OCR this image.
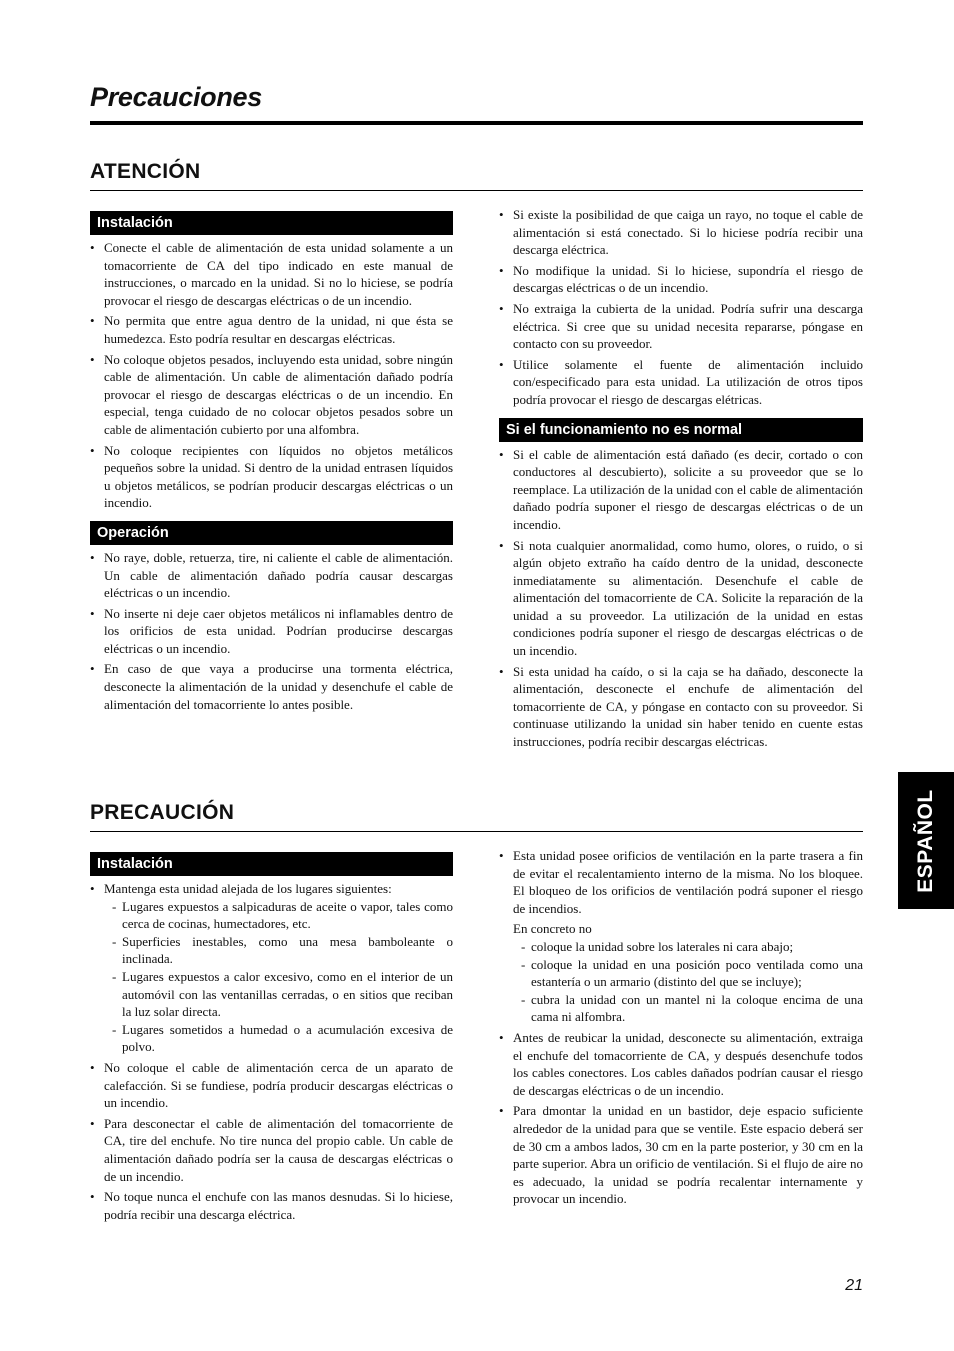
Precauciones
ATENCIÓN
Instalación
• Conecte el cable de alimentación de esta unidad solamente a un tomacorriente de CA del tipo indicado en este manual de instrucciones, o marcado en la unidad. Si no lo hiciese, se podría provocar el riesgo de descargas eléctricas o de un incendio.
• No permita que entre agua dentro de la unidad, ni que ésta se humedezca. Esto podría resultar en descargas eléctricas.
• No coloque objetos pesados, incluyendo esta unidad, sobre ningún cable de alimentación. Un cable de alimentación dañado podría provocar el riesgo de descargas eléctricas o de un incendio. En especial, tenga cuidado de no colocar objetos pesados sobre un cable de alimentación cubierto por una alfombra.
• No coloque recipientes con líquidos no objetos metálicos pequeños sobre la unidad. Si dentro de la unidad entrasen líquidos u objetos metálicos, se podrían producir descargas eléctricas o un incendio.
Operación
• No raye, doble, retuerza, tire, ni caliente el cable de alimentación. Un cable de alimentación dañado podría causar descargas eléctricas o un incendio.
• No inserte ni deje caer objetos metálicos ni inflamables dentro de los orificios de esta unidad. Podrían producirse descargas eléctricas o un incendio.
• En caso de que vaya a producirse una tormenta eléctrica, desconecte la alimentación de la unidad y desenchufe el cable de alimentación del tomacorriente lo antes posible.
• Si existe la posibilidad de que caiga un rayo, no toque el cable de alimentación si está conectado. Si lo hiciese podría recibir una descarga eléctrica.
• No modifique la unidad. Si lo hiciese, supondría el riesgo de descargas eléctricas o de un incendio.
• No extraiga la cubierta de la unidad. Podría sufrir una descarga eléctrica. Si cree que su unidad necesita repararse, póngase en contacto con su proveedor.
• Utilice solamente el fuente de alimentación incluido con/especificado para esta unidad. La utilización de otros tipos podría provocar el riesgo de descargas elétricas.
Si el funcionamiento no es normal
• Si el cable de alimentación está dañado (es decir, cortado o con conductores al descubierto), solicite a su proveedor que se lo reemplace. La utilización de la unidad con el cable de alimentación dañado podría suponer el riesgo de descargas eléctricas o de un incendio.
• Si nota cualquier anormalidad, como humo, olores, o ruido, o si algún objeto extraño ha caído dentro de la unidad, desconecte inmediatamente su alimentación. Desenchufe el cable de alimentación del tomacorriente de CA. Solicite la reparación de la unidad a su proveedor. La utilización de la unidad en estas condiciones podría suponer el riesgo de descargas eléctricas o de un incendio.
• Si esta unidad ha caído, o si la caja se ha dañado, desconecte la alimentación, desconecte el enchufe de alimentación del tomacorriente de CA, y póngase en contacto con su proveedor. Si continuase utilizando la unidad sin haber tenido en cuente estas instrucciones, podría recibir descargas eléctricas.
PRECAUCIÓN
Instalación
• Mantenga esta unidad alejada de los lugares siguientes:
- Lugares expuestos a salpicaduras de aceite o vapor, tales como cerca de cocinas, humectadores, etc.
- Superficies inestables, como una mesa bamboleante o inclinada.
- Lugares expuestos a calor excesivo, como en el interior de un automóvil con las ventanillas cerradas, o en sitios que reciban la luz solar directa.
- Lugares sometidos a humedad o a acumulación excesiva de polvo.
• No coloque el cable de alimentación cerca de un aparato de calefacción. Si se fundiese, podría producir descargas eléctricas o un incendio.
• Para desconectar el cable de alimentación del tomacorriente de CA, tire del enchufe. No tire nunca del propio cable. Un cable de alimentación dañado podría ser la causa de descargas eléctricas o de un incendio.
• No toque nunca el enchufe con las manos desnudas. Si lo hiciese, podría recibir una descarga eléctrica.
• Esta unidad posee orificios de ventilación en la parte trasera a fin de evitar el recalentamiento interno de la misma. No los bloquee. El bloqueo de los orificios de ventilación podrá suponer el riesgo de incendios.
En concreto no
- coloque la unidad sobre los laterales ni cara abajo;
- coloque la unidad en una posición poco ventilada como una estantería o un armario (distinto del que se incluye);
- cubra la unidad con un mantel ni la coloque encima de una cama ni alfombra.
• Antes de reubicar la unidad, desconecte su alimentación, extraiga el enchufe del tomacorriente de CA, y después desenchufe todos los cables conectores. Los cables dañados podrían causar el riesgo de descargas eléctricas o de un incendio.
• Para dmontar la unidad en un bastidor, deje espacio suficiente alrededor de la unidad para que se ventile. Este espacio deberá ser de 30 cm a ambos lados, 30 cm en la parte posterior, y 30 cm en la parte superior. Abra un orificio de ventilación. Si el flujo de aire no es adecuado, la unidad se podría recalentar internamente y provocar un incendio.
ESPAÑOL
21
